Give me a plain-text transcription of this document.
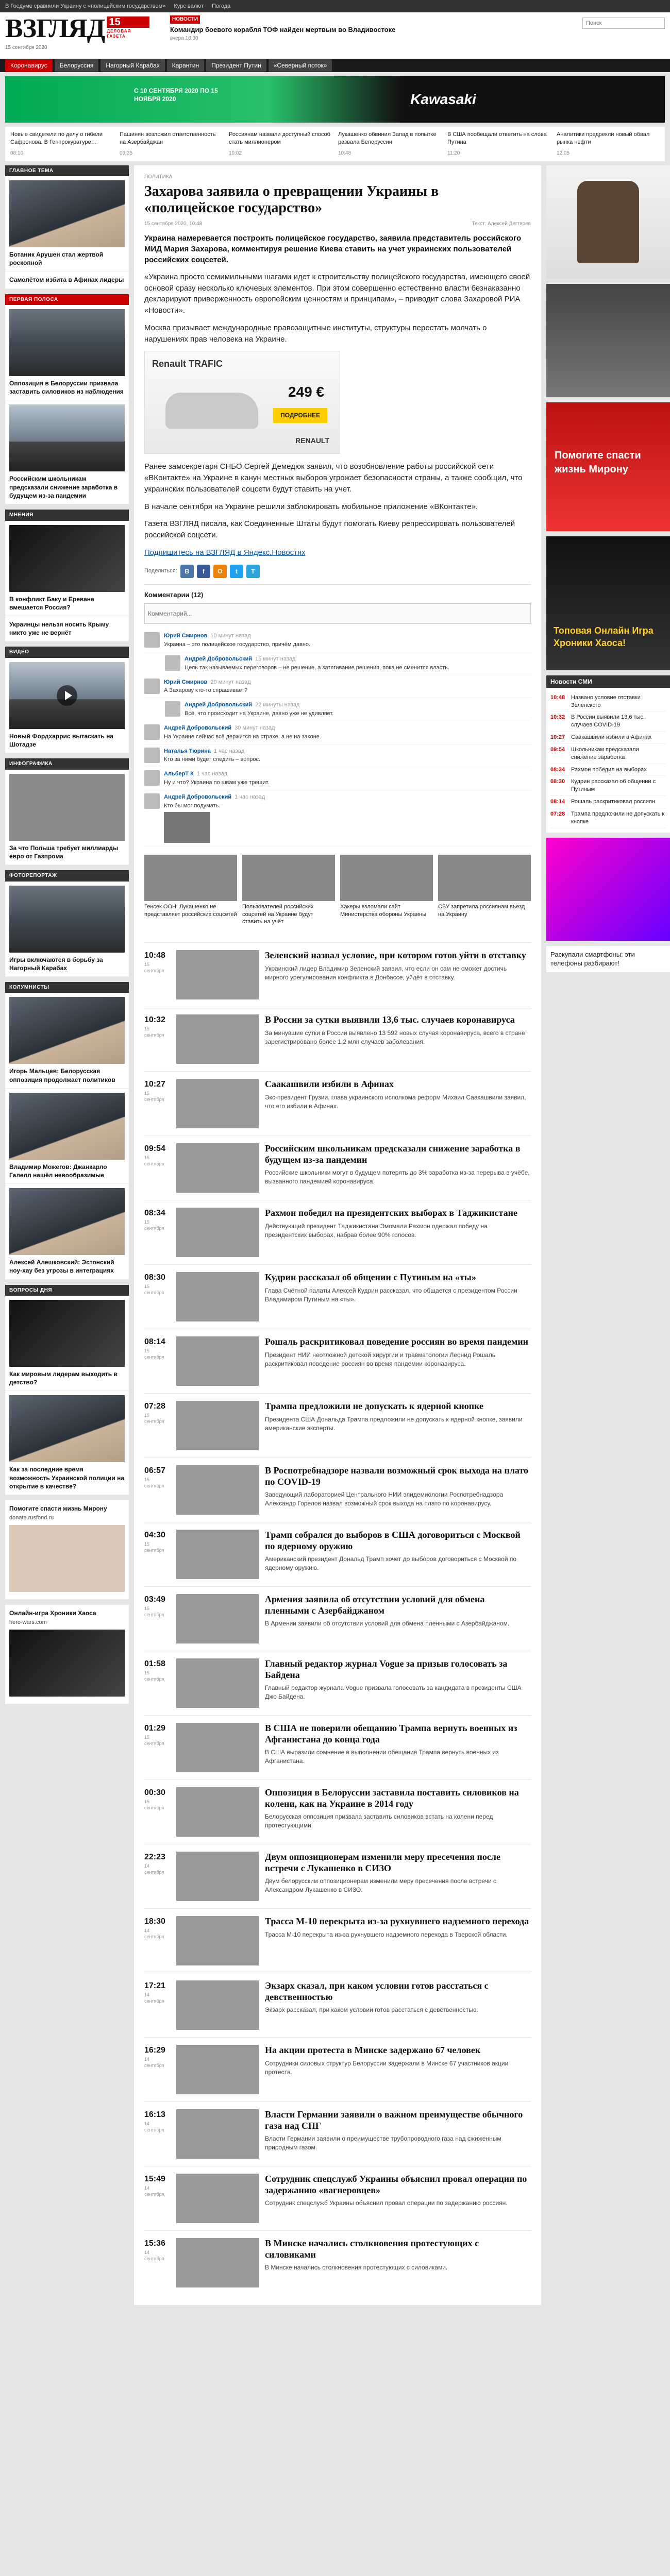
В Госдуме сравнили Украину с «полицейским государством» Курс валют Погода
ВЗГЛЯД
15 сентября 2020
15
ДЕЛОВАЯ ГАЗЕТА
НОВОСТИ
Командир боевого корабля ТОФ найден мертвым во Владивостоке
вчера 18:30
Поиск
Коронавирус	Белоруссия	Нагорный Карабах	Карантин	Президент Путин	«Северный поток»
С 10 СЕНТЯБРЯ 2020 ПО 15 НОЯБРЯ 2020	Kawasaki
Новые свидетели по делу о гибели Сафронова. В Генпрокуратуре…
08:10
Пашинян возложил ответственность на Азербайджан
09:35
Россиянам назвали доступный способ стать миллионером
10:02
Лукашенко обвинил Запад в попытке развала Белоруссии
10:48
В США пообещали ответить на слова Путина
11:20
Аналитики предрекли новый обвал рынка нефти
12:05
ГЛАВНОЕ ТЕМА
Ботаник Арушен стал жертвой роскопной
Самолётом избита в Афинах лидеры
ПЕРВАЯ ПОЛОСА
Оппозиция в Белоруссии призвала заставить силовиков из наблюдения
Российским школьникам предсказали снижение заработка в будущем из-за пандемии
МНЕНИЯ
В конфликт Баку и Еревана вмешается Россия?
Украинцы нельзя носить Крыму никто уже не вернёт
ВИДЕО
Новый Фордхаррис вытаскать на Шотадзе
ИНФОГРАФИКА
За что Польша требует миллиарды евро от Газпрома
ФОТОРЕПОРТАЖ
Игры включаются в борьбу за Нагорный Карабах
КОЛУМНИСТЫ
Игорь Мальцев: Белорусская оппозиция продолжает политиков
Владимир Можегов: Джанкарло Галелл нашёл невообразимые
Алексей Алешковский: Эстонский ноу-хау без угрозы в интеграциях
ВОПРОСЫ ДНЯ
Как мировым лидерам выходить в детство?
Как за последние время возможность Украинской полиции на открытие в качестве?
Помогите спасти жизнь Мирону
donate.rusfond.ru
Онлайн-игра Хроники Хаоса
hero-wars.com
ПОЛИТИКА
Захарова заявила о превращении Украины в «полицейское государство»
15 сентября 2020, 10:48	Текст: Алексей Дегтярев

Украина намеревается построить полицейское государство, заявила представитель российского МИД Мария Захарова, комментируя решение Киева ставить на учет украинских пользователей российских соцсетей.

«Украина просто семимильными шагами идет к строительству полицейского государства, имеющего своей основой сразу несколько ключевых элементов. При этом совершенно естественно власти безнаказанно декларируют приверженность европейским ценностям и принципам», – приводит слова Захаровой РИА «Новости».

Москва призывает международные правозащитные институты, структуры перестать молчать о нарушениях прав человека на Украине.

Renault TRAFIC
249 €
ПОДРОБНЕЕ
RENAULT

Ранее замсекретаря СНБО Сергей Демедюк заявил, что возобновление работы российской сети «ВКонтакте» на Украине в канун местных выборов угрожает безопасности страны, а также сообщил, что украинских пользователей соцсети будут ставить на учет.

В начале сентября на Украине решили заблокировать мобильное приложение «ВКонтакте».

Газета ВЗГЛЯД писала, как Соединенные Штаты будут помогать Киеву репрессировать пользователей российской соцсети.

Подпишитесь на ВЗГЛЯД в Яндекс.Новостях

Поделиться:	В	f	О	t	T
Комментарии (12)
Комментарий...
Юрий Смирнов 10 минут назад
Украина – это полицейское государство, причём давно.
Андрей Добровольский 15 минут назад
Цель так называемых переговоров – не решение, а затягивание решения, пока не сменится власть.
Юрий Смирнов 20 минут назад
А Захарову кто-то спрашивает?
Андрей Добровольский 22 минуты назад
Всё, что происходит на Украине, давно уже не удивляет.
Андрей Добровольский 30 минут назад
На Украине сейчас всё держится на страхе, а не на законе.
Наталья Тюрина 1 час назад
Кто за ними будет следить – вопрос.
АльберТ К 1 час назад
Ну и что? Украина по швам уже трещит.
Андрей Добровольский 1 час назад
Кто бы мог подумать.
Генсек ООН: Лукашенко не представляет российских соцсетей
Пользователей российских соцсетей на Украине будут ставить на учёт
Хакеры взломали сайт Министерства обороны Украины
СБУ запретила россиянам въезд на Украину
10:48
15 сентября
Зеленский назвал условие, при котором готов уйти в отставку
Украинский лидер Владимир Зеленский заявил, что если он сам не сможет достичь мирного урегулирования конфликта в Донбассе, уйдёт в отставку.
10:32
15 сентября
В России за сутки выявили 13,6 тыс. случаев коронавируса
За минувшие сутки в России выявлено 13 592 новых случая коронавируса, всего в стране зарегистрировано более 1,2 млн случаев заболевания.
10:27
15 сентября
Саакашвили избили в Афинах
Экс-президент Грузии, глава украинского исполкома реформ Михаил Саакашвили заявил, что его избили в Афинах.
09:54
15 сентября
Российским школьникам предсказали снижение заработка в будущем из-за пандемии
Российские школьники могут в будущем потерять до 3% заработка из-за перерыва в учёбе, вызванного пандемией коронавируса.
08:34
15 сентября
Рахмон победил на президентских выборах в Таджикистане
Действующий президент Таджикистана Эмомали Рахмон одержал победу на президентских выборах, набрав более 90% голосов.
08:30
15 сентября
Кудрин рассказал об общении с Путиным на «ты»
Глава Счётной палаты Алексей Кудрин рассказал, что общается с президентом России Владимиром Путиным на «ты».
08:14
15 сентября
Рошаль раскритиковал поведение россиян во время пандемии
Президент НИИ неотложной детской хирургии и травматологии Леонид Рошаль раскритиковал поведение россиян во время пандемии коронавируса.
07:28
15 сентября
Трампа предложили не допускать к ядерной кнопке
Президента США Дональда Трампа предложили не допускать к ядерной кнопке, заявили американские эксперты.
06:57
15 сентября
В Роспотребнадзоре назвали возможный срок выхода на плато по COVID-19
Заведующий лабораторией Центрального НИИ эпидемиологии Роспотребнадзора Александр Горелов назвал возможный срок выхода на плато по коронавирусу.
04:30
15 сентября
Трамп собрался до выборов в США договориться с Москвой по ядерному оружию
Американский президент Дональд Трамп хочет до выборов договориться с Москвой по ядерному оружию.
03:49
15 сентября
Армения заявила об отсутствии условий для обмена пленными с Азербайджаном
В Армении заявили об отсутствии условий для обмена пленными с Азербайджаном.
01:58
15 сентября
Главный редактор журнал Vogue за призыв голосовать за Байдена
Главный редактор журнала Vogue призвала голосовать за кандидата в президенты США Джо Байдена.
01:29
15 сентября
В США не поверили обещанию Трампа вернуть военных из Афганистана до конца года
В США выразили сомнение в выполнении обещания Трампа вернуть военных из Афганистана.
00:30
15 сентября
Оппозиция в Белоруссии заставила поставить силовиков на колени, как на Украине в 2014 году
Белорусская оппозиция призвала заставить силовиков встать на колени перед протестующими.
22:23
14 сентября
Двум оппозиционерам изменили меру пресечения после встречи с Лукашенко в СИЗО
Двум белорусским оппозиционерам изменили меру пресечения после встречи с Александром Лукашенко в СИЗО.
18:30
14 сентября
Трасса М-10 перекрыта из-за рухнувшего надземного перехода
Трасса М-10 перекрыта из-за рухнувшего надземного перехода в Тверской области.
17:21
14 сентября
Экзарх сказал, при каком условии готов расстаться с девственностью
Экзарх рассказал, при каком условии готов расстаться с девственностью.
16:29
14 сентября
На акции протеста в Минске задержано 67 человек
Сотрудники силовых структур Белоруссии задержали в Минске 67 участников акции протеста.
16:13
14 сентября
Власти Германии заявили о важном преимуществе обычного газа над СПГ
Власти Германии заявили о преимуществе трубопроводного газа над сжиженным природным газом.
15:49
14 сентября
Сотрудник спецслужб Украины объяснил провал операции по задержанию «вагнеровцев»
Сотрудник спецслужб Украины объяснил провал операции по задержанию россиян.
15:36
14 сентября
В Минске начались столкновения протестующих с силовиками
В Минске начались столкновения протестующих с силовиками.
Помогите спасти жизнь Мирону
Топовая Онлайн Игра Хроники Хаоса!
Новости СМИ
10:48	Названо условие отставки Зеленского
10:32	В России выявили 13,6 тыс. случаев COVID-19
10:27	Саакашвили избили в Афинах
09:54	Школьникам предсказали снижение заработка
08:34	Рахмон победил на выборах
08:30	Кудрин рассказал об общении с Путиным
08:14	Рошаль раскритиковал россиян
07:28	Трампа предложили не допускать к кнопке
Раскупали смартфоны: эти телефоны разбирают!
